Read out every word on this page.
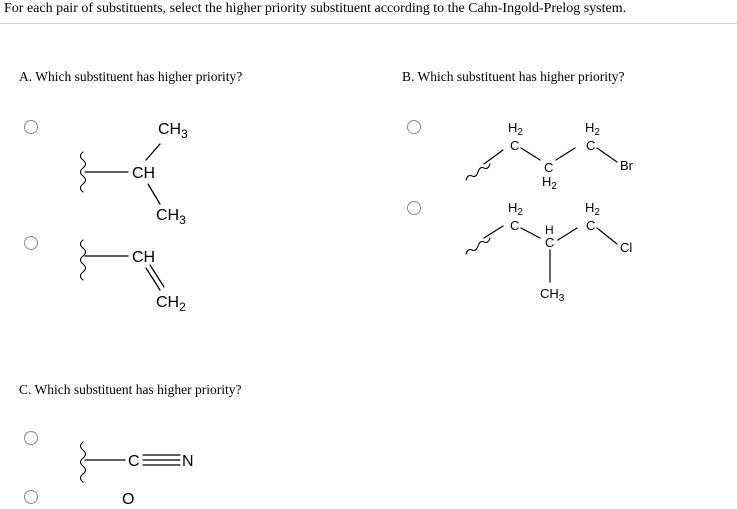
For each pair of substituents, select the higher priority substituent according to the Cahn-Ingold-Prelog system.
A. Which substituent has higher priority?
$CH_3$
CH
$CH_3$
CH
$CH_2$
$H_2$
C
C
$H_2$
$H_2$
C
Br
$H_2$
C H
C
$CH_3$
$H_2$
C
Cl
C	N
O
B. Which substituent has higher priority?
C. Which substituent has higher priority?
